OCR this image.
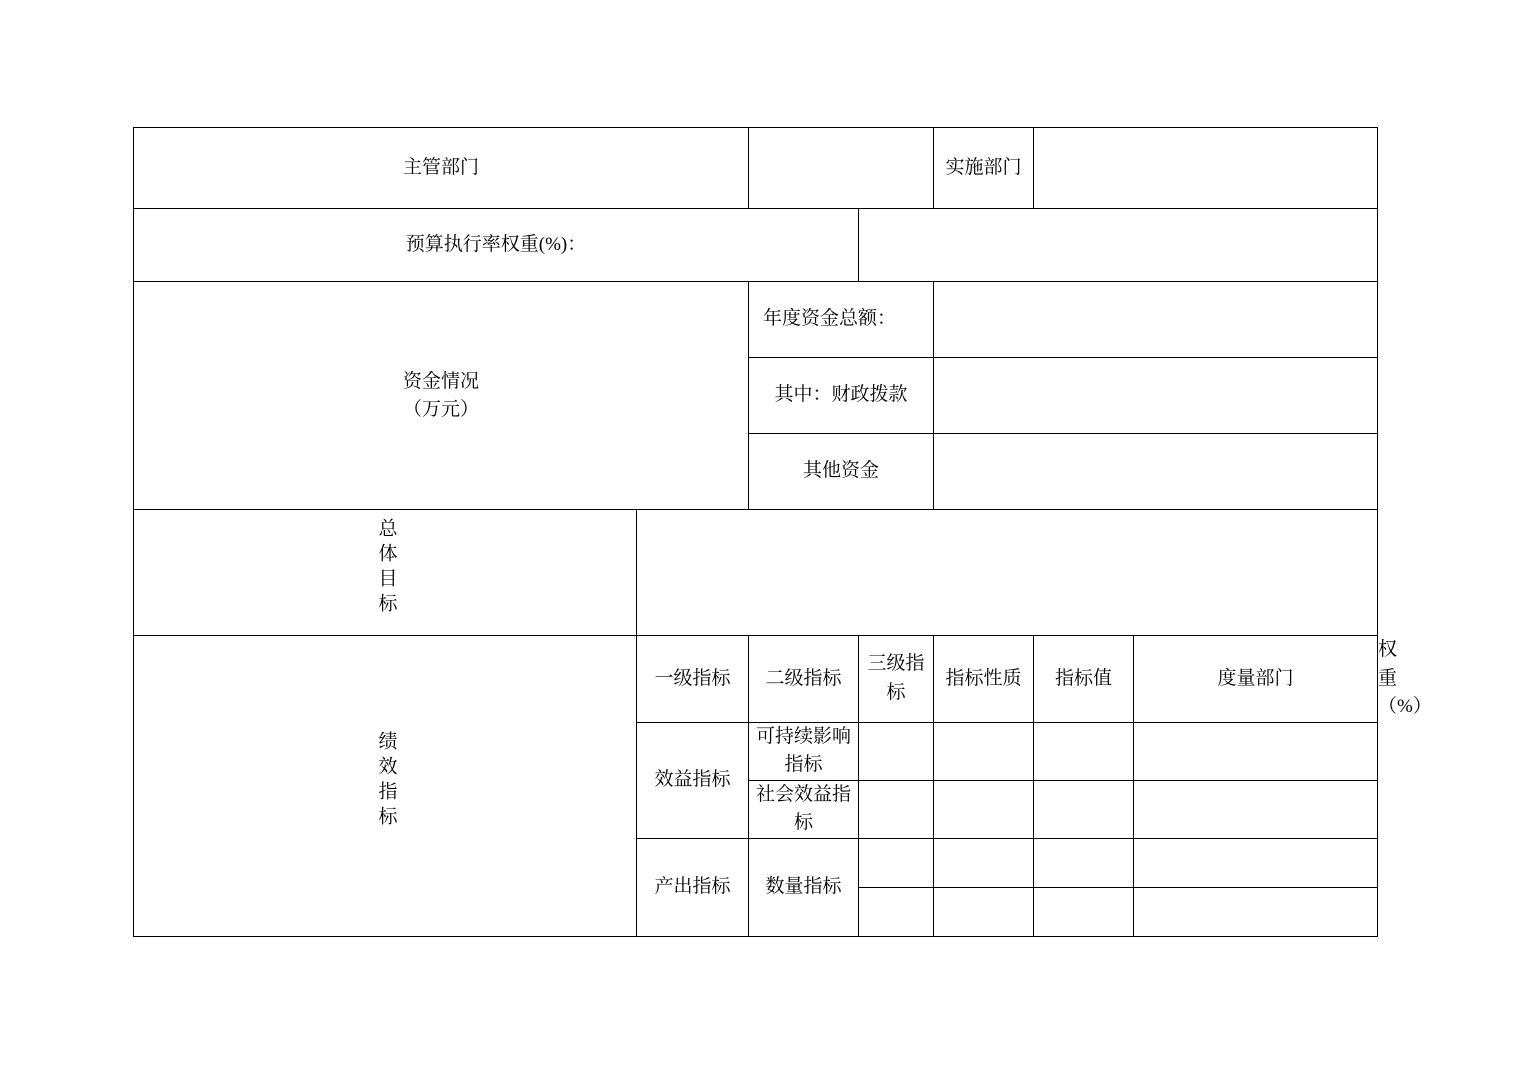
主管部门				实施部门			
预算执行率权重(%)：							

资金情况
（万元）		年度资金总额：					
		其中：财政拨款					
		其他资金					
总体目标							
绩效指标	一级指标	二级指标	三级指标	指标性质	指标值	度量部门	权重（%）
	效益指标	可持续影响指标					
		社会效益指标					
	产出指标	数量指标					
